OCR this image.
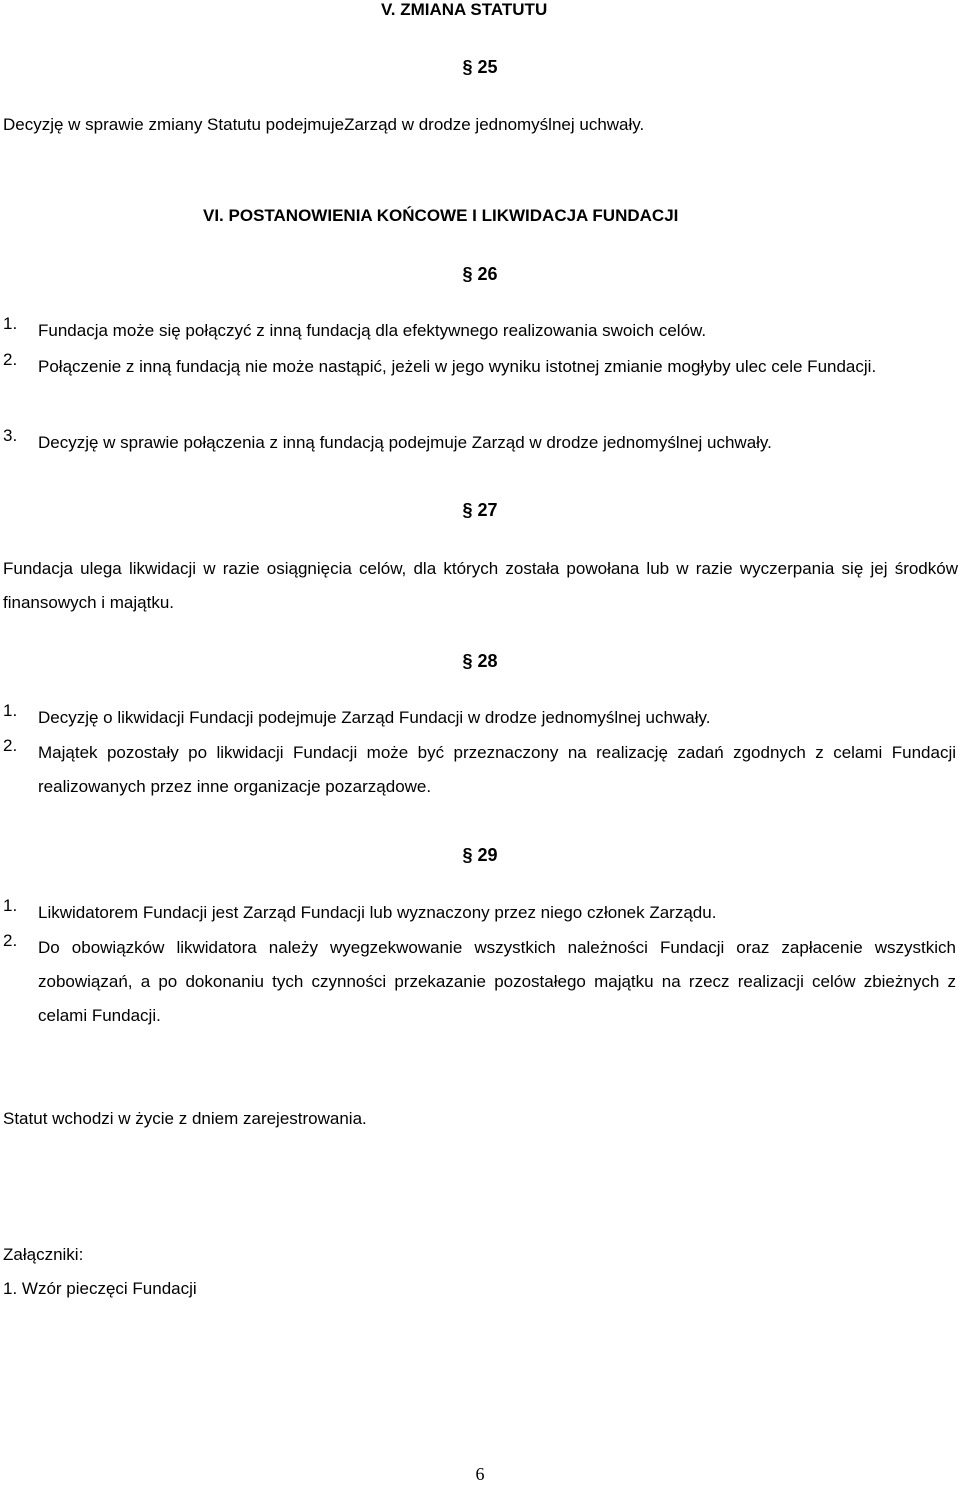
V. ZMIANA STATUTU
§ 25
Decyzję w sprawie zmiany Statutu podejmujeZarząd w drodze jednomyślnej uchwały.
VI. POSTANOWIENIA KOŃCOWE I LIKWIDACJA FUNDACJI
§ 26
1. Fundacja może się połączyć z inną fundacją dla efektywnego realizowania swoich celów.
2. Połączenie z inną fundacją nie może nastąpić, jeżeli w jego wyniku istotnej zmianie mogłyby ulec cele Fundacji.
3. Decyzję w sprawie połączenia z inną fundacją podejmuje Zarząd w drodze jednomyślnej uchwały.
§ 27
Fundacja ulega likwidacji w razie osiągnięcia celów, dla których została powołana lub w razie wyczerpania się jej środków finansowych i majątku.
§ 28
1. Decyzję o likwidacji Fundacji podejmuje Zarząd Fundacji w drodze jednomyślnej uchwały.
2. Majątek pozostały po likwidacji Fundacji może być przeznaczony na realizację zadań zgodnych z celami Fundacji realizowanych przez inne organizacje pozarządowe.
§ 29
1. Likwidatorem Fundacji jest Zarząd Fundacji lub wyznaczony przez niego członek Zarządu.
2. Do obowiązków likwidatora należy wyegzekwowanie wszystkich należności Fundacji oraz zapłacenie wszystkich zobowiązań, a po dokonaniu tych czynności przekazanie pozostałego majątku na rzecz realizacji celów zbieżnych z celami Fundacji.
Statut wchodzi w życie z dniem zarejestrowania.
Załączniki:
1. Wzór pieczęci Fundacji
6
